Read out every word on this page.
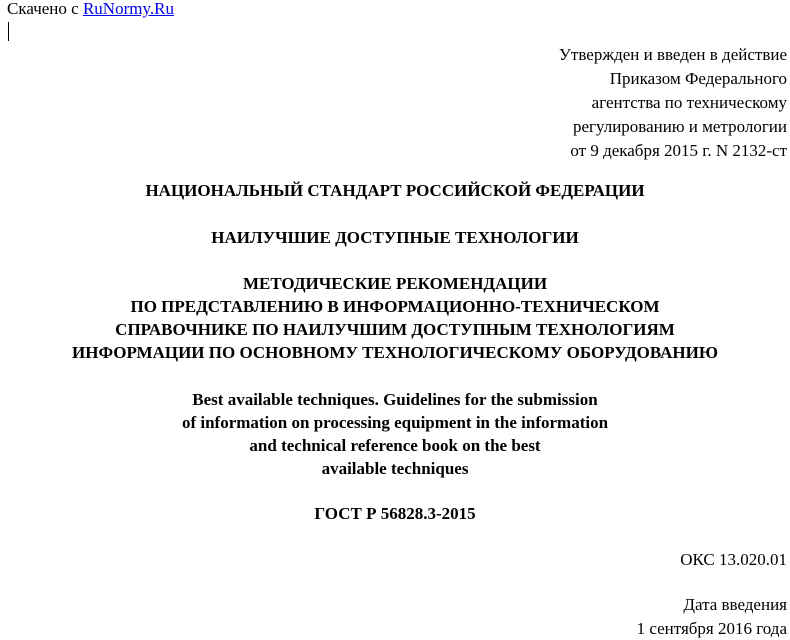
Скачено с RuNormy.Ru
Утвержден и введен в действие
Приказом Федерального
агентства по техническому
регулированию и метрологии
от 9 декабря 2015 г. N 2132-ст
НАЦИОНАЛЬНЫЙ СТАНДАРТ РОССИЙСКОЙ ФЕДЕРАЦИИ
НАИЛУЧШИЕ ДОСТУПНЫЕ ТЕХНОЛОГИИ
МЕТОДИЧЕСКИЕ РЕКОМЕНДАЦИИ
ПО ПРЕДСТАВЛЕНИЮ В ИНФОРМАЦИОННО-ТЕХНИЧЕСКОМ
СПРАВОЧНИКЕ ПО НАИЛУЧШИМ ДОСТУПНЫМ ТЕХНОЛОГИЯМ
ИНФОРМАЦИИ ПО ОСНОВНОМУ ТЕХНОЛОГИЧЕСКОМУ ОБОРУДОВАНИЮ
Best available techniques. Guidelines for the submission
of information on processing equipment in the information
and technical reference book on the best
available techniques
ГОСТ Р 56828.3-2015
ОКС 13.020.01
Дата введения
1 сентября 2016 года
